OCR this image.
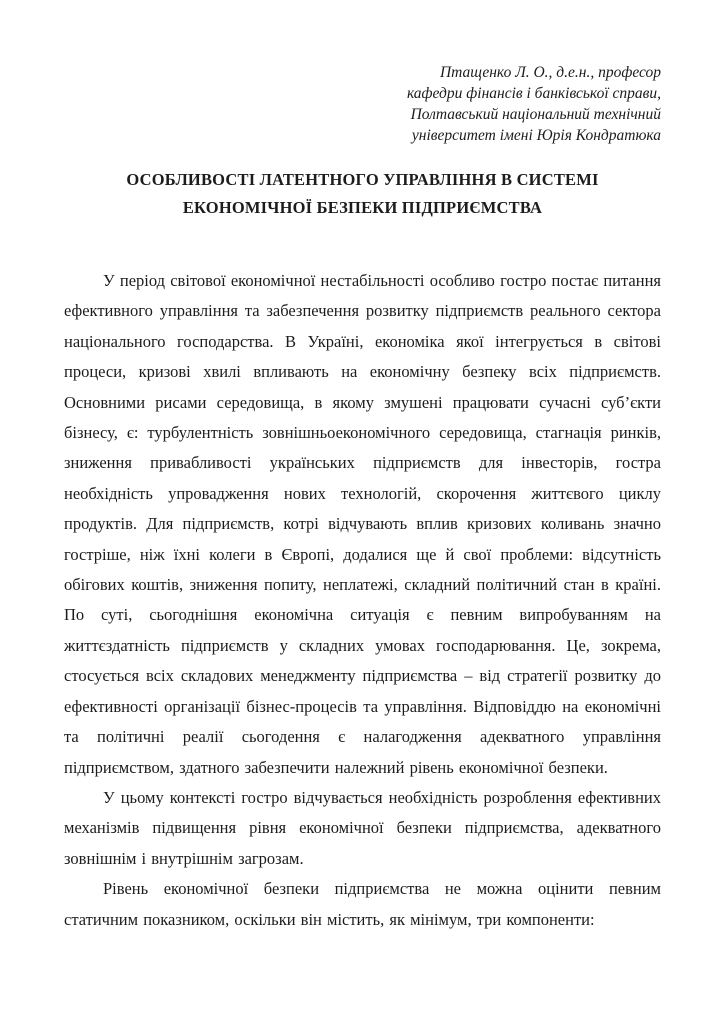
Птащенко Л. О., д.е.н., професор
кафедри фінансів і банківської справи,
Полтавський національний технічний
університет імені Юрія Кондратюка
ОСОБЛИВОСТІ ЛАТЕНТНОГО УПРАВЛІННЯ В СИСТЕМІ
ЕКОНОМІЧНОЇ БЕЗПЕКИ ПІДПРИЄМСТВА

У період світової економічної нестабільності особливо гостро постає питання ефективного управління та забезпечення розвитку підприємств реального сектора національного господарства. В Україні, економіка якої інтегрується в світові процеси, кризові хвилі впливають на економічну безпеку всіх підприємств. Основними рисами середовища, в якому змушені працювати сучасні суб’єкти бізнесу, є: турбулентність зовнішньоекономічного середовища, стагнація ринків, зниження привабливості українських підприємств для інвесторів, гостра необхідність упровадження нових технологій, скорочення життєвого циклу продуктів. Для підприємств, котрі відчувають вплив кризових коливань значно гостріше, ніж їхні колеги в Європі, додалися ще й свої проблеми: відсутність обігових коштів, зниження попиту, неплатежі, складний політичний стан в країні. По суті, сьогоднішня економічна ситуація є певним випробуванням на життєздатність підприємств у складних умовах господарювання. Це, зокрема, стосується всіх складових менеджменту підприємства – від стратегії розвитку до ефективності організації бізнес-процесів та управління. Відповіддю на економічні та політичні реалії сьогодення є налагодження адекватного управління підприємством, здатного забезпечити належний рівень економічної безпеки.

У цьому контексті гостро відчувається необхідність розроблення ефективних механізмів підвищення рівня економічної безпеки підприємства, адекватного зовнішнім і внутрішнім загрозам.

Рівень економічної безпеки підприємства не можна оцінити певним статичним показником, оскільки він містить, як мінімум, три компоненти:
